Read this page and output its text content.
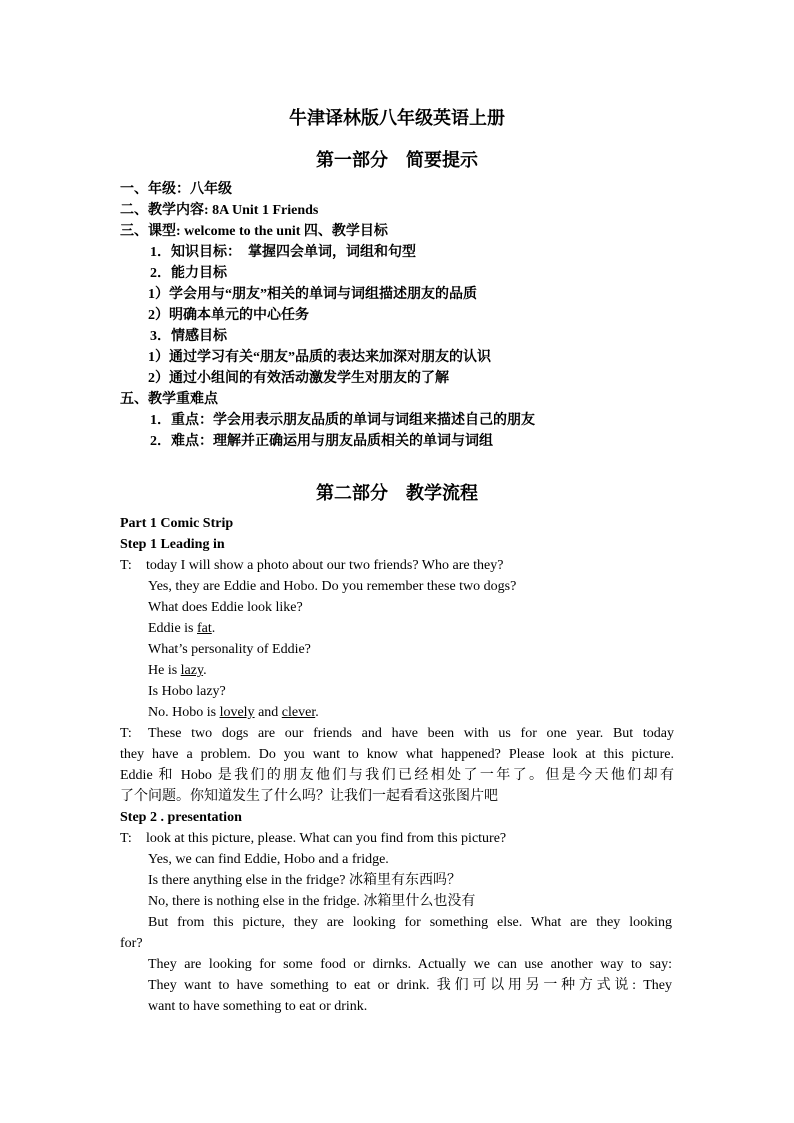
牛津译林版八年级英语上册
第一部分　简要提示
一、年级：八年级
二、教学内容: 8A Unit 1 Friends
三、课型: welcome to the unit 四、教学目标
1．知识目标：　掌握四会单词，词组和句型
2．能力目标
1）学会用与“朋友”相关的单词与词组描述朋友的品质
2）明确本单元的中心任务
3．情感目标
1）通过学习有关“朋友”品质的表达来加深对朋友的认识
2）通过小组间的有效活动激发学生对朋友的了解
五、教学重难点
1．重点：学会用表示朋友品质的单词与词组来描述自己的朋友
2．难点：理解并正确运用与朋友品质相关的单词与词组
第二部分　教学流程
Part 1 Comic Strip
Step 1 Leading in
T: today I will show a photo about our two friends? Who are they?
Yes, they are Eddie and Hobo. Do you remember these two dogs?
What does Eddie look like?
Eddie is fat.
What’s personality of Eddie?
He is lazy.
Is Hobo lazy?
No. Hobo is lovely and clever.
T: These two dogs are our friends and have been with us for one year. But today
they have a problem. Do you want to know what happened? Please look at this picture.
Eddie 和 Hobo 是我们的朋友他们与我们已经相处了一年了。但是今天他们却有
了个问题。你知道发生了什么吗？让我们一起看看这张图片吧
Step 2 . presentation
T: look at this picture, please. What can you find from this picture?
Yes, we can find Eddie, Hobo and a fridge.
Is there anything else in the fridge? 冰箱里有东西吗？
No, there is nothing else in the fridge. 冰箱里什么也没有
But from this picture, they are looking for something else. What are they looking
for?
They are looking for some food or dirnks. Actually we can use another way to say:
They want to have something to eat or drink. 我们可以用另一种方式说: They
want to have something to eat or drink.
